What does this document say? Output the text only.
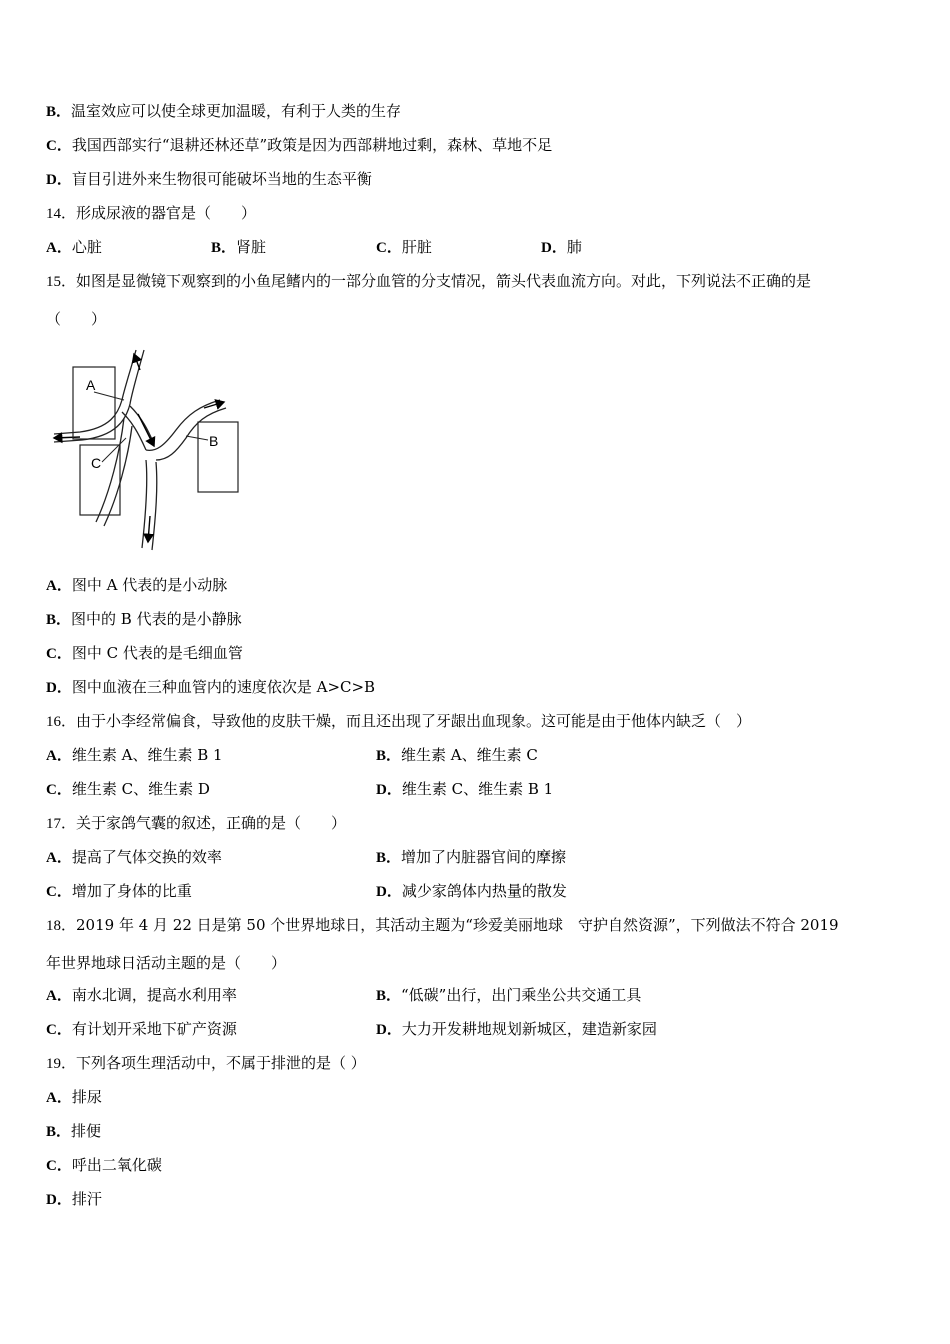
B．温室效应可以使全球更加温暖，有利于人类的生存
C．我国西部实行“退耕还林还草”政策是因为西部耕地过剩，森林、草地不足
D．盲目引进外来生物很可能破坏当地的生态平衡
14．形成尿液的器官是（　　）
A．心脏	B．肾脏	C．肝脏	D．肺
15．如图是显微镜下观察到的小鱼尾鳍内的一部分血管的分支情况，箭头代表血流方向。对此，下列说法不正确的是
（　　）
A
B
C
A．图中 A 代表的是小动脉
B．图中的 B 代表的是小静脉
C．图中 C 代表的是毛细血管
D．图中血液在三种血管内的速度依次是 A>C>B
16．由于小李经常偏食，导致他的皮肤干燥，而且还出现了牙龈出血现象。这可能是由于他体内缺乏（　）
A．维生素 A、维生素 B 1	B．维生素 A、维生素 C
C．维生素 C、维生素 D	D．维生素 C、维生素 B 1
17．关于家鸽气囊的叙述，正确的是（　　）
A．提高了气体交换的效率	B．增加了内脏器官间的摩擦
C．增加了身体的比重	D．减少家鸽体内热量的散发
18．2019 年 4 月 22 日是第 50 个世界地球日，其活动主题为“珍爱美丽地球　守护自然资源”，下列做法不符合 2019
年世界地球日活动主题的是（　　）
A．南水北调，提高水利用率	B．“低碳”出行，出门乘坐公共交通工具
C．有计划开采地下矿产资源	D．大力开发耕地规划新城区，建造新家园
19．下列各项生理活动中，不属于排泄的是（ ）
A．排尿
B．排便
C．呼出二氧化碳
D．排汗
